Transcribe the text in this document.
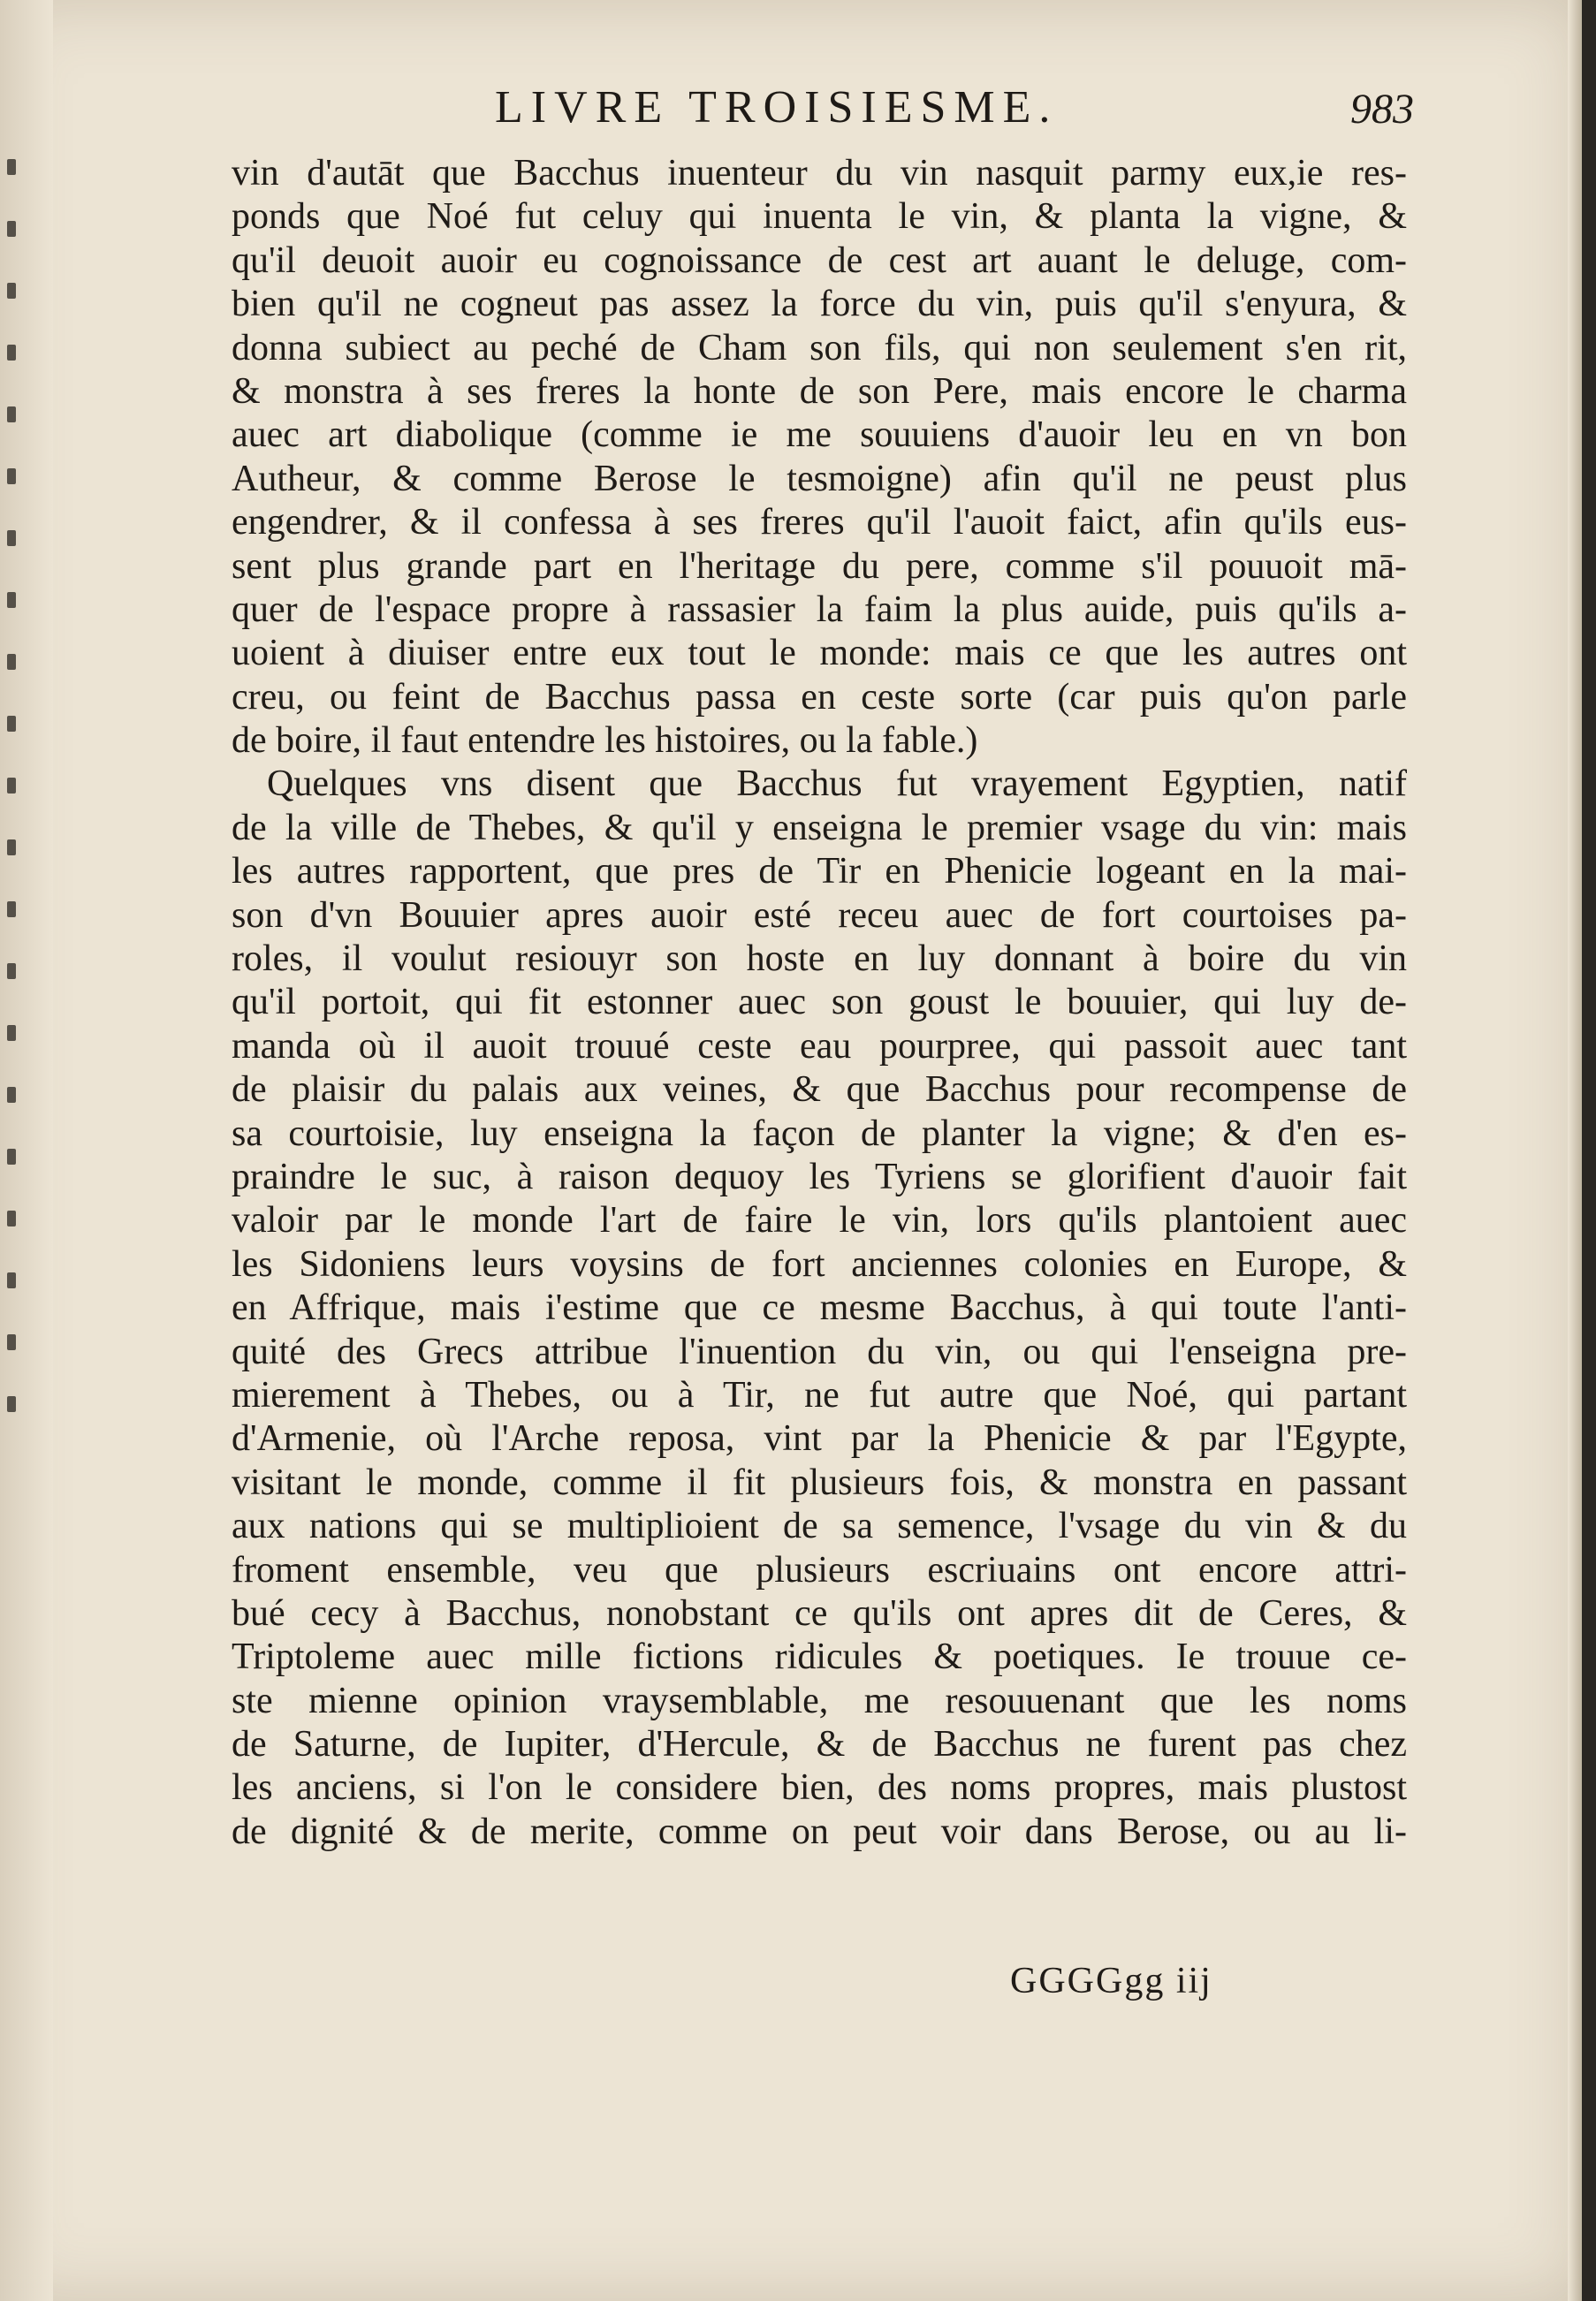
LIVRE TROISIESME.	983
vin d'autāt que Bacchus inuenteur du vin nasquit parmy eux,ie res-
ponds que Noé fut celuy qui inuenta le vin, & planta la vigne, &
qu'il deuoit auoir eu cognoissance de cest art auant le deluge, com-
bien qu'il ne cogneut pas assez la force du vin, puis qu'il s'enyura, &
donna subiect au peché de Cham son fils, qui non seulement s'en rit,
& monstra à ses freres la honte de son Pere, mais encore le charma
auec art diabolique (comme ie me souuiens d'auoir leu en vn bon
Autheur, & comme Berose le tesmoigne) afin qu'il ne peust plus
engendrer, & il confessa à ses freres qu'il l'auoit faict, afin qu'ils eus-
sent plus grande part en l'heritage du pere, comme s'il pouuoit mā-
quer de l'espace propre à rassasier la faim la plus auide, puis qu'ils a-
uoient à diuiser entre eux tout le monde: mais ce que les autres ont
creu, ou feint de Bacchus passa en ceste sorte (car puis qu'on parle
de boire, il faut entendre les histoires, ou la fable.)
Quelques vns disent que Bacchus fut vrayement Egyptien, natif
de la ville de Thebes, & qu'il y enseigna le premier vsage du vin: mais
les autres rapportent, que pres de Tir en Phenicie logeant en la mai-
son d'vn Bouuier apres auoir esté receu auec de fort courtoises pa-
roles, il voulut resiouyr son hoste en luy donnant à boire du vin
qu'il portoit, qui fit estonner auec son goust le bouuier, qui luy de-
manda où il auoit trouué ceste eau pourpree, qui passoit auec tant
de plaisir du palais aux veines, & que Bacchus pour recompense de
sa courtoisie, luy enseigna la façon de planter la vigne; & d'en es-
praindre le suc, à raison dequoy les Tyriens se glorifient d'auoir fait
valoir par le monde l'art de faire le vin, lors qu'ils plantoient auec
les Sidoniens leurs voysins de fort anciennes colonies en Europe, &
en Affrique, mais i'estime que ce mesme Bacchus, à qui toute l'anti-
quité des Grecs attribue l'inuention du vin, ou qui l'enseigna pre-
mierement à Thebes, ou à Tir, ne fut autre que Noé, qui partant
d'Armenie, où l'Arche reposa, vint par la Phenicie & par l'Egypte,
visitant le monde, comme il fit plusieurs fois, & monstra en passant
aux nations qui se multiplioient de sa semence, l'vsage du vin & du
froment ensemble, veu que plusieurs escriuains ont encore attri-
bué cecy à Bacchus, nonobstant ce qu'ils ont apres dit de Ceres, &
Triptoleme auec mille fictions ridicules & poetiques. Ie trouue ce-
ste mienne opinion vraysemblable, me resouuenant que les noms
de Saturne, de Iupiter, d'Hercule, & de Bacchus ne furent pas chez
les anciens, si l'on le considere bien, des noms propres, mais plustost
de dignité & de merite, comme on peut voir dans Berose, ou au li-
GGGGgg iij
